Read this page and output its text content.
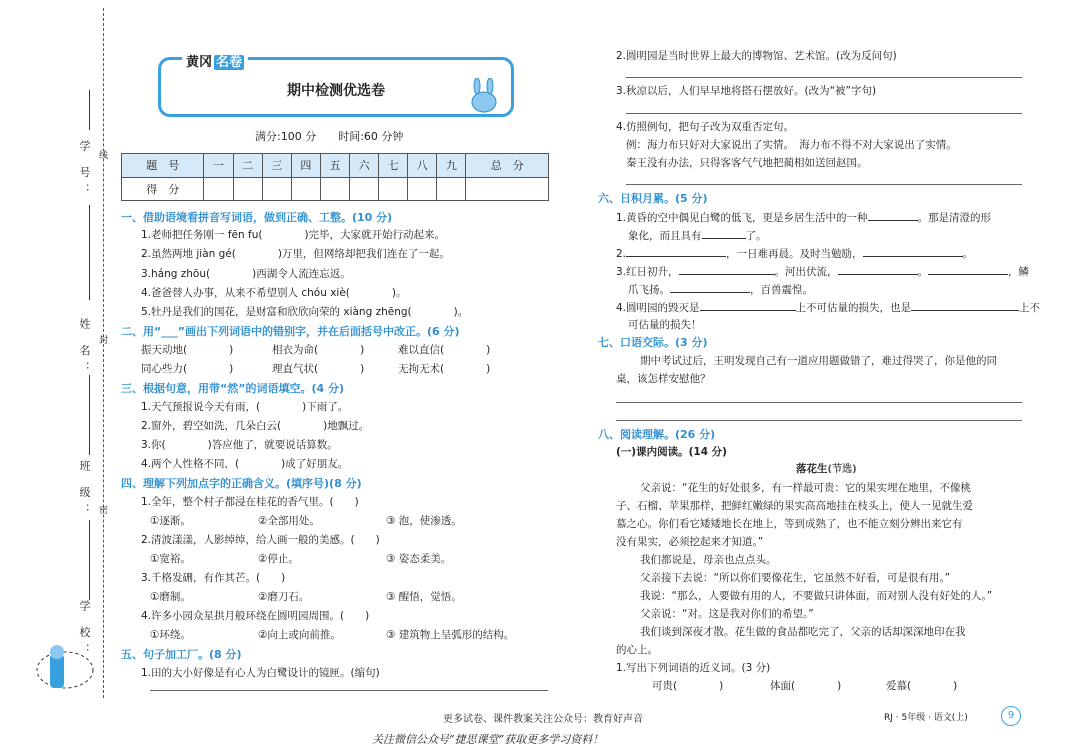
学 号：
姓 名：
班 级：
学 校：
线
封
密
黄冈 名卷
期中检测优选卷
满分:100 分　　时间:60 分钟
题　号	一	二	三	四	五	六	七	八	九	总　分
得　分										
一、借助语境看拼音写词语，做到正确、工整。(10 分)
1.老师把任务刚一 fēn fu(　　　　)完毕，大家就开始行动起来。
2.虽然两地 jiàn gé(　　　　)万里，但网络却把我们连在了一起。
3.háng zhōu(　　　　)西湖令人流连忘返。
4.爸爸替人办事，从来不希望别人 chóu xiè(　　　　)。
5.牡丹是我们的国花，是财富和欣欣向荣的 xiàng zhēng(　　　　)。
二、用“___”画出下列词语中的错别字，并在后面括号中改正。(6 分)
振天动地(　　　　)	相衣为命(　　　　)	难以直信(　　　　)
同心些力(　　　　)	理直气状(　　　　)	无拘无术(　　　　)
三、根据句意，用带“然”的词语填空。(4 分)
1.天气预报说今天有雨，(　　　　)下雨了。
2.窗外，碧空如洗，几朵白云(　　　　)地飘过。
3.你(　　　　)答应他了，就要说话算数。
4.两个人性格不同，(　　　　)成了好朋友。
四、理解下列加点字的正确含义。(填序号)(8 分)
1.全年，整个村子都浸在桂花的香气里。(　　)
①逐渐。	②全部用处。	③ 泡，使渗透。
2.清波漾漾，人影绰绰，给人画一般的美感。(　　)
①宽裕。	②停止。	③ 姿态柔美。
3.千格发硎，有作其芒。(　　)
①磨制。	②磨刀石。	③ 醒悟，觉悟。
4.许多小园众星拱月般环绕在圆明园周围。(　　)
①环绕。	②向上或向前推。	③ 建筑物上呈弧形的结构。
五、句子加工厂。(8 分)
1.田的大小好像是有心人为白鹭设计的镜匣。(缩句)
2.圆明园是当时世界上最大的博物馆、艺术馆。(改为反问句)
3.秋凉以后，人们早早地将搭石摆放好。(改为“被”字句)
4.仿照例句，把句子改为双重否定句。
例：海力布只好对大家说出了实情。　海力布不得不对大家说出了实情。
秦王没有办法，只得客客气气地把蔺相如送回赵国。
六、日积月累。(5 分)
1.黄昏的空中偶见白鹭的低飞，更是乡居生活中的一种	。那是清澄的形
象化，而且具有	了。
2.	，一日难再晨。及时当勉励，	。
3.红日初升，	。河出伏流，	。	，鳞
爪飞扬。	，百兽震惶。
4.圆明园的毁灭是	上不可估量的损失，也是	上不
可估量的损失！
七、口语交际。(3 分)
期中考试过后，王明发现自己有一道应用题做错了，难过得哭了，你是他的同
桌，该怎样安慰他？
八、阅读理解。(26 分)
(一)课内阅读。(14 分)
落花生(节选)
父亲说：“花生的好处很多，有一样最可贵：它的果实埋在地里，不像桃
子、石榴、苹果那样，把鲜红嫩绿的果实高高地挂在枝头上，使人一见就生爱
慕之心。你们看它矮矮地长在地上，等到成熟了，也不能立刻分辨出来它有
没有果实，必须挖起来才知道。”
我们都说是，母亲也点点头。
父亲接下去说：“所以你们要像花生，它虽然不好看，可是很有用。”
我说：“那么，人要做有用的人，不要做只讲体面，而对别人没有好处的人。”
父亲说：“对。这是我对你们的希望。”
我们谈到深夜才散。花生做的食品都吃完了，父亲的话却深深地印在我
的心上。
1.写出下列词语的近义词。(3 分)
可贵(　　　　)	体面(　　　　)	爱慕(　　　　)
更多试卷、课件教案关注公众号：教育好声音	RJ · 5年级 · 语文(上)	9
关注微信公众号“捷思课堂”获取更多学习资料！
